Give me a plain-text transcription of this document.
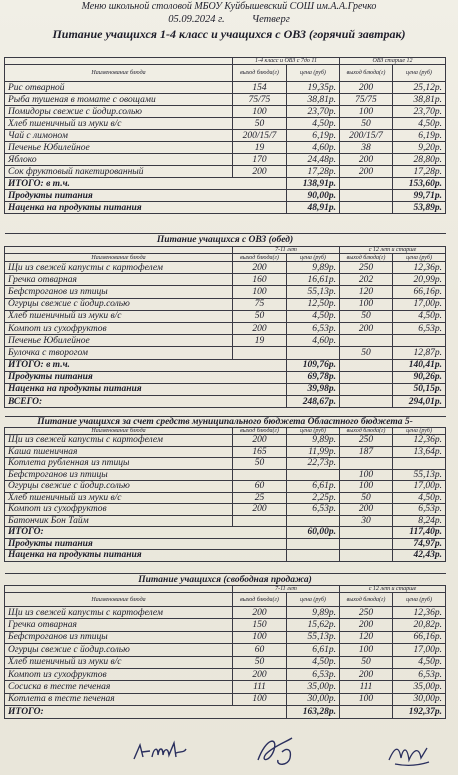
Меню школьной столовой МБОУ Куйбышевский СОШ им.А.А.Гречко
05.09.2024 г.	Четверг
Питание учащихся 1-4 класс и учащихся с ОВЗ (горячий завтрак)
	1-4 класс и ОВЗ с 7до 11		ОВЗ старше 12	
Наименование блюда	выход блюда(г)	цена (руб)	выход блюда(г)	цена (руб)
Рис отварной	154	19,35р.	200	25,12р.
Рыба тушеная в томате с овощами	75/75	38,81р.	75/75	38,81р.
Помидоры свежие с йодир.солью	100	23,70р.	100	23,70р.
Хлеб пшеничный из муки в/с	50	4,50р.	50	4,50р.
Чай с лимоном	200/15/7	6,19р.	200/15/7	6,19р.
Печенье Юбилейное	19	4,60р.	38	9,20р.
Яблоко	170	24,48р.	200	28,80р.
Сок фруктовый пакетированный	200	17,28р.	200	17,28р.
ИТОГО: в т.ч.		138,91р.		153,60р.
Продукты питания		90,00р.		99,71р.
Наценка на продукты питания		48,91р.		53,89р.
Питание учащихся с ОВЗ (обед)				
	7-11 лет		с 12 лет и старше	
Наименование блюда	выход блюда(г)	цена (руб)	выход блюда(г)	цена (руб)
Щи из свежей капусты с картофелем	200	9,89р.	250	12,36р.
Гречка отварная	160	16,61р.	202	20,99р.
Бефстроганов из птицы	100	55,13р.	120	66,16р.
Огурцы свежие с йодир.солью	75	12,50р.	100	17,00р.
Хлеб пшеничный из муки в/с	50	4,50р.	50	4,50р.
Компот из сухофруктов	200	6,53р.	200	6,53р.
Печенье Юбилейное	19	4,60р.		
Булочка с творогом			50	12,87р.
ИТОГО: в т.ч.		109,76р.		140,41р.
Продукты питания		69,78р.		90,26р.
Наценка на продукты питания		39,98р.		50,15р.
ВСЕГО:		248,67р.		294,01р.
Питание учащихся за счет средств муниципального бюджета Областного бюджета 5-				
Наименование блюда	выход блюда(г)	цена (руб)	выход блюда(г)	цена (руб)
Щи из свежей капусты с картофелем	200	9,89р.	250	12,36р.
Каша пшеничная	165	11,99р.	187	13,64р.
Котлета рубленная из птицы	50	22,73р.		
Бефстроганов из птицы			100	55,13р.
Огурцы свежие с йодир.солью	60	6,61р.	100	17,00р.
Хлеб пшеничный из муки в/с	25	2,25р.	50	4,50р.
Компот из сухофруктов	200	6,53р.	200	6,53р.
Батончик Бон Тайм			30	8,24р.
ИТОГО:		60,00р.		117,40р.
Продукты питания				74,97р.
Наценка на продукты питания				42,43р.
Питание учащихся (свободная продажа)				
	7-11 лет		с 12 лет и старше	
Наименование блюда	выход блюда(г)	цена (руб)	выход блюда(г)	цена (руб)
Щи из свежей капусты с картофелем	200	9,89р.	250	12,36р.
Гречка отварная	150	15,62р.	200	20,82р.
Бефстроганов из птицы	100	55,13р.	120	66,16р.
Огурцы свежие с йодир.солью	60	6,61р.	100	17,00р.
Хлеб пшеничный из муки в/с	50	4,50р.	50	4,50р.
Компот из сухофруктов	200	6,53р.	200	6,53р.
Сосиска в тесте печеная	111	35,00р.	111	35,00р.
Котлета в тесте печеная	100	30,00р.	100	30,00р.
ИТОГО:		163,28р.		192,37р.
